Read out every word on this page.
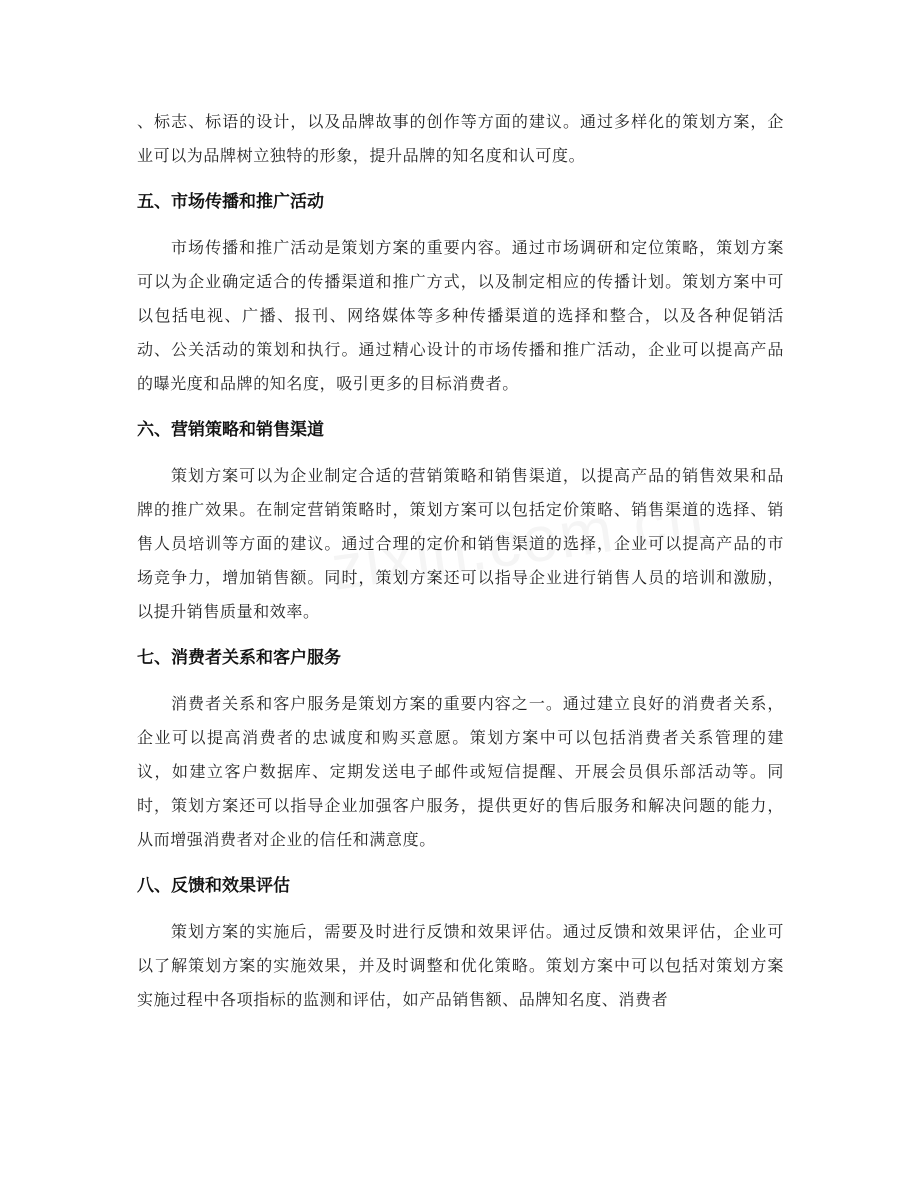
、标志、标语的设计，以及品牌故事的创作等方面的建议。通过多样化的策划方案，企业可以为品牌树立独特的形象，提升品牌的知名度和认可度。

五、市场传播和推广活动

市场传播和推广活动是策划方案的重要内容。通过市场调研和定位策略，策划方案可以为企业确定适合的传播渠道和推广方式，以及制定相应的传播计划。策划方案中可以包括电视、广播、报刊、网络媒体等多种传播渠道的选择和整合，以及各种促销活动、公关活动的策划和执行。通过精心设计的市场传播和推广活动，企业可以提高产品的曝光度和品牌的知名度，吸引更多的目标消费者。

六、营销策略和销售渠道

策划方案可以为企业制定合适的营销策略和销售渠道，以提高产品的销售效果和品牌的推广效果。在制定营销策略时，策划方案可以包括定价策略、销售渠道的选择、销售人员培训等方面的建议。通过合理的定价和销售渠道的选择，企业可以提高产品的市场竞争力，增加销售额。同时，策划方案还可以指导企业进行销售人员的培训和激励，以提升销售质量和效率。

七、消费者关系和客户服务

消费者关系和客户服务是策划方案的重要内容之一。通过建立良好的消费者关系，企业可以提高消费者的忠诚度和购买意愿。策划方案中可以包括消费者关系管理的建议，如建立客户数据库、定期发送电子邮件或短信提醒、开展会员俱乐部活动等。同时，策划方案还可以指导企业加强客户服务，提供更好的售后服务和解决问题的能力，从而增强消费者对企业的信任和满意度。

八、反馈和效果评估

策划方案的实施后，需要及时进行反馈和效果评估。通过反馈和效果评估，企业可以了解策划方案的实施效果，并及时调整和优化策略。策划方案中可以包括对策划方案实施过程中各项指标的监测和评估，如产品销售额、品牌知名度、消费者
